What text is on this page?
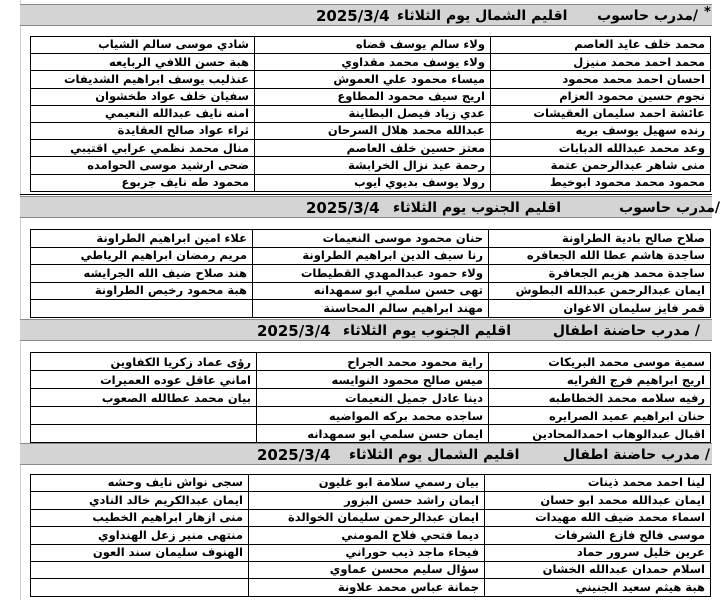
*
مدرب حاسوب/
اقليم الشمال يوم الثلاثاء
2025/3/4
شادي موسى سالم الشياب	ولاء سالم يوسف قضاه	محمد خلف عايد العاصم
هبة حسن اللافي الربايعه	ولاء يوسف محمد مقداوي	محمد احمد محمد منيزل
عنذليب يوسف ابراهيم الشديفات	ميساء محمود علي العموش	احسان احمد محمد محمود
سفيان خلف عواد طخشوان	اريج سيف محمود المطاوع	نجوم حسين محمود العزام
امنه نايف عبدالله النعيمي	عدي زياد فيصل البطاينة	عائشة احمد سليمان العقيشات
ثراء عواد صالح العقايدة	عبدالله محمد هلال السرحان	رنده سهيل يوسف بريه
منال محمد نظمي عرابي اقتيبي	معتز حسين خلف العاصم	وعد محمد عبدالله الدبابات
ضحى ارشيد موسى الحوامده	رحمة عيد نزال الخرابشة	منى شاهر عبدالرحمن عتمة
محمود طه نايف جربوع	رولا يوسف بديوي ايوب	محمود محمد محمود ابوخيط
مدرب حاسوب/
اقليم الجنوب يوم الثلاثاء
2025/3/4
علاء امين ابراهيم الطراونة	حنان محمود موسى النعيمات	صلاح صالح بادية الطراونة
مريم رمضان ابراهيم الرياطي	رنا سيف الدين ابراهيم الطراونة	ساجدة هاشم عطا الله الجعافره
هند صلاح ضيف الله الجرايشه	ولاء حمود عبدالمهدي القطيطات	ساجدة محمد هزيم الجعافرة
هبة محمود رخيص الطراونة	تهى حسن سلمي ابو سمهدانه	ايمان عبدالرحمن عبدالله البطوش
	مهند ابراهيم سالم المحاسنة	قمر فايز سليمان الاغوان
مدرب حاضنة اطفال /
اقليم الجنوب يوم الثلاثاء
2025/3/4
رؤى عماد زكريا الكفاوين	راية محمود محمد الجراح	سمية موسى محمد البريكات
اماني عاقل عوده العميرات	ميس صالح محمود النوايسه	اريج ابراهيم فرج الفرايه
بيان محمد عطالله الصعوب	دينا عادل جميل النعيمات	رفيه سلامه محمد الخطاطبه
	ساجده محمد بركه المواضيه	حنان ابراهيم عميد الصرايره
	ايمان حسن سلمي ابو سمهدانه	اقبال عبدالوهاب احمدالمحادين
مدرب حاضنة اطفال /
اقليم الشمال يوم الثلاثاء
2025/3/4
سجى نواش نايف وحشه	بيان رسمي سلامة ابو غليون	لينا احمد محمد ذينات
ايمان عبدالكريم خالد النادي	ايمان راشد حسن البزور	ايمان عبدالله محمد ابو حسان
منى ازهار ابراهيم الخطيب	ايمان عبدالرحمن سليمان الخوالدة	اسماء محمد ضيف الله مهيدات
منتهى منير زعل الهنداوي	ديما فتحي فلاح المومني	موسى فالح فازع الشرفات
الهنوف سليمان سند العون	فيحاء ماجد ذيب حوراني	عرين خليل سرور حماد
	سؤال سليم محسن عماوي	اسلام حمدان عبدالله الخشان
	جمانة عباس محمد علاونة	هبة هيثم سعيد الجنيني
